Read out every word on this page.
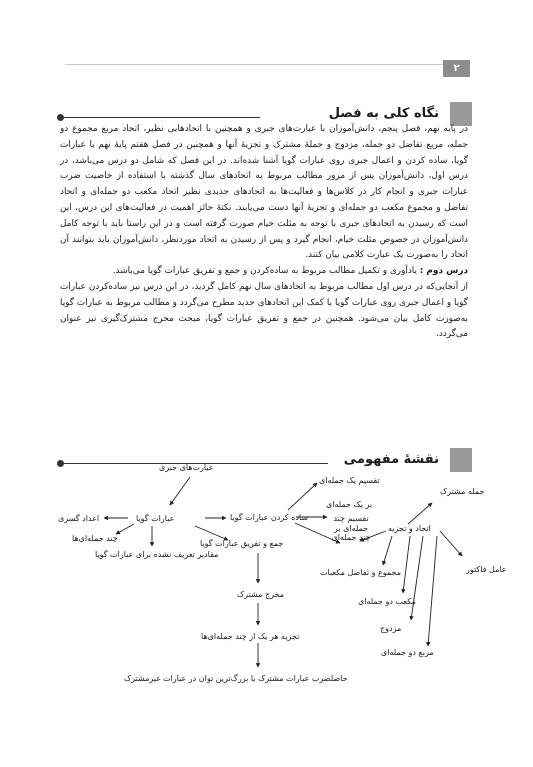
۲
نگاه کلی به فصل

در پایه نهم، فصل پنجم، دانش‌آموزان با عبارت‌های جبری و همچنین با اتحادهایی نظیر، اتحاد مربع مجموع دو جمله، مربع تفاضل دو جمله، مزدوج و جملهٔ مشترک و تجزیهٔ آنها و همچنین در فصل هفتم پایهٔ نهم با عبارات گویا، ساده کردن و اعمال جبری روی عبارات گویا آشنا شده‌اند. در این فصل که شامل دو درس می‌باشد، در درس اول، دانش‌آموزان پس از مرور مطالب مربوط به اتحادهای سال گذشته با استفاده از خاصیت ضرب عبارات جبری و انجام کار در کلاس‌ها و فعالیت‌ها به اتحادهای جدیدی نظیر اتحاد مکعب دو جمله‌ای و اتحاد تفاضل و مجموع مکعب دو جمله‌ای و تجزیهٔ آنها دست می‌یابند. نکتهٔ حائز اهمیت در فعالیت‌های این درس، این است که رسیدن به اتحادهای جبری با توجه به مثلث خیام صورت گرفته است و در این راستا باید با توجه کامل دانش‌آموزان در خصوص مثلث خیام، انجام گیرد و پس از رسیدن به اتحاد موردنظر، دانش‌آموزان باید بتوانند آن اتحاد را به‌صورت یک عبارت کلامی بیان کنند.

درس دوم : یادآوری و تکمیل مطالب مربوط به ساده‌کردن و جمع و تفریق عبارات گویا می‌باشد.

از آنجایی‌که در درس اول مطالب مربوط به اتحادهای سال نهم کامل گردید، در این درس نیز ساده‌کردن عبارات گویا و اعمال جبری روی عبارات گویا با کمک این اتحادهای جدید مطرح می‌گردد و مطالب مربوط به عبارات گویا به‌صورت کامل بیان می‌شود. همچنین در جمع و تفریق عبارات گویا، مبحث مخرج مشترک‌گیری نیز عنوان می‌گردد.

نقشهٔ مفهومی
عبارت‌های جبری
عبارات گویا
اعداد گسری
چند جمله‌ای‌ها
مقادیر تعریف نشده برای عبارات گویا
ساده کردن عبارات گویا
جمع و تفریق عبارات گویا
مخرج مشترک
تجزیه هر یک از چند جمله‌ای‌ها
حاصلضرب عبارات مشترک با بزرگ‌ترین توان در عبارات غیرمشترک
تقسیم یک جمله‌ای
بر یک جمله‌ای
تقسیم چند
جمله‌ای بر
چند جمله‌ای
جمله مشترک
اتحاد و تجزیه
عامل فاکتور
مجموع و تفاضل مکعبات
مکعب دو جمله‌ای
مزدوج
مربع دو جمله‌ای
